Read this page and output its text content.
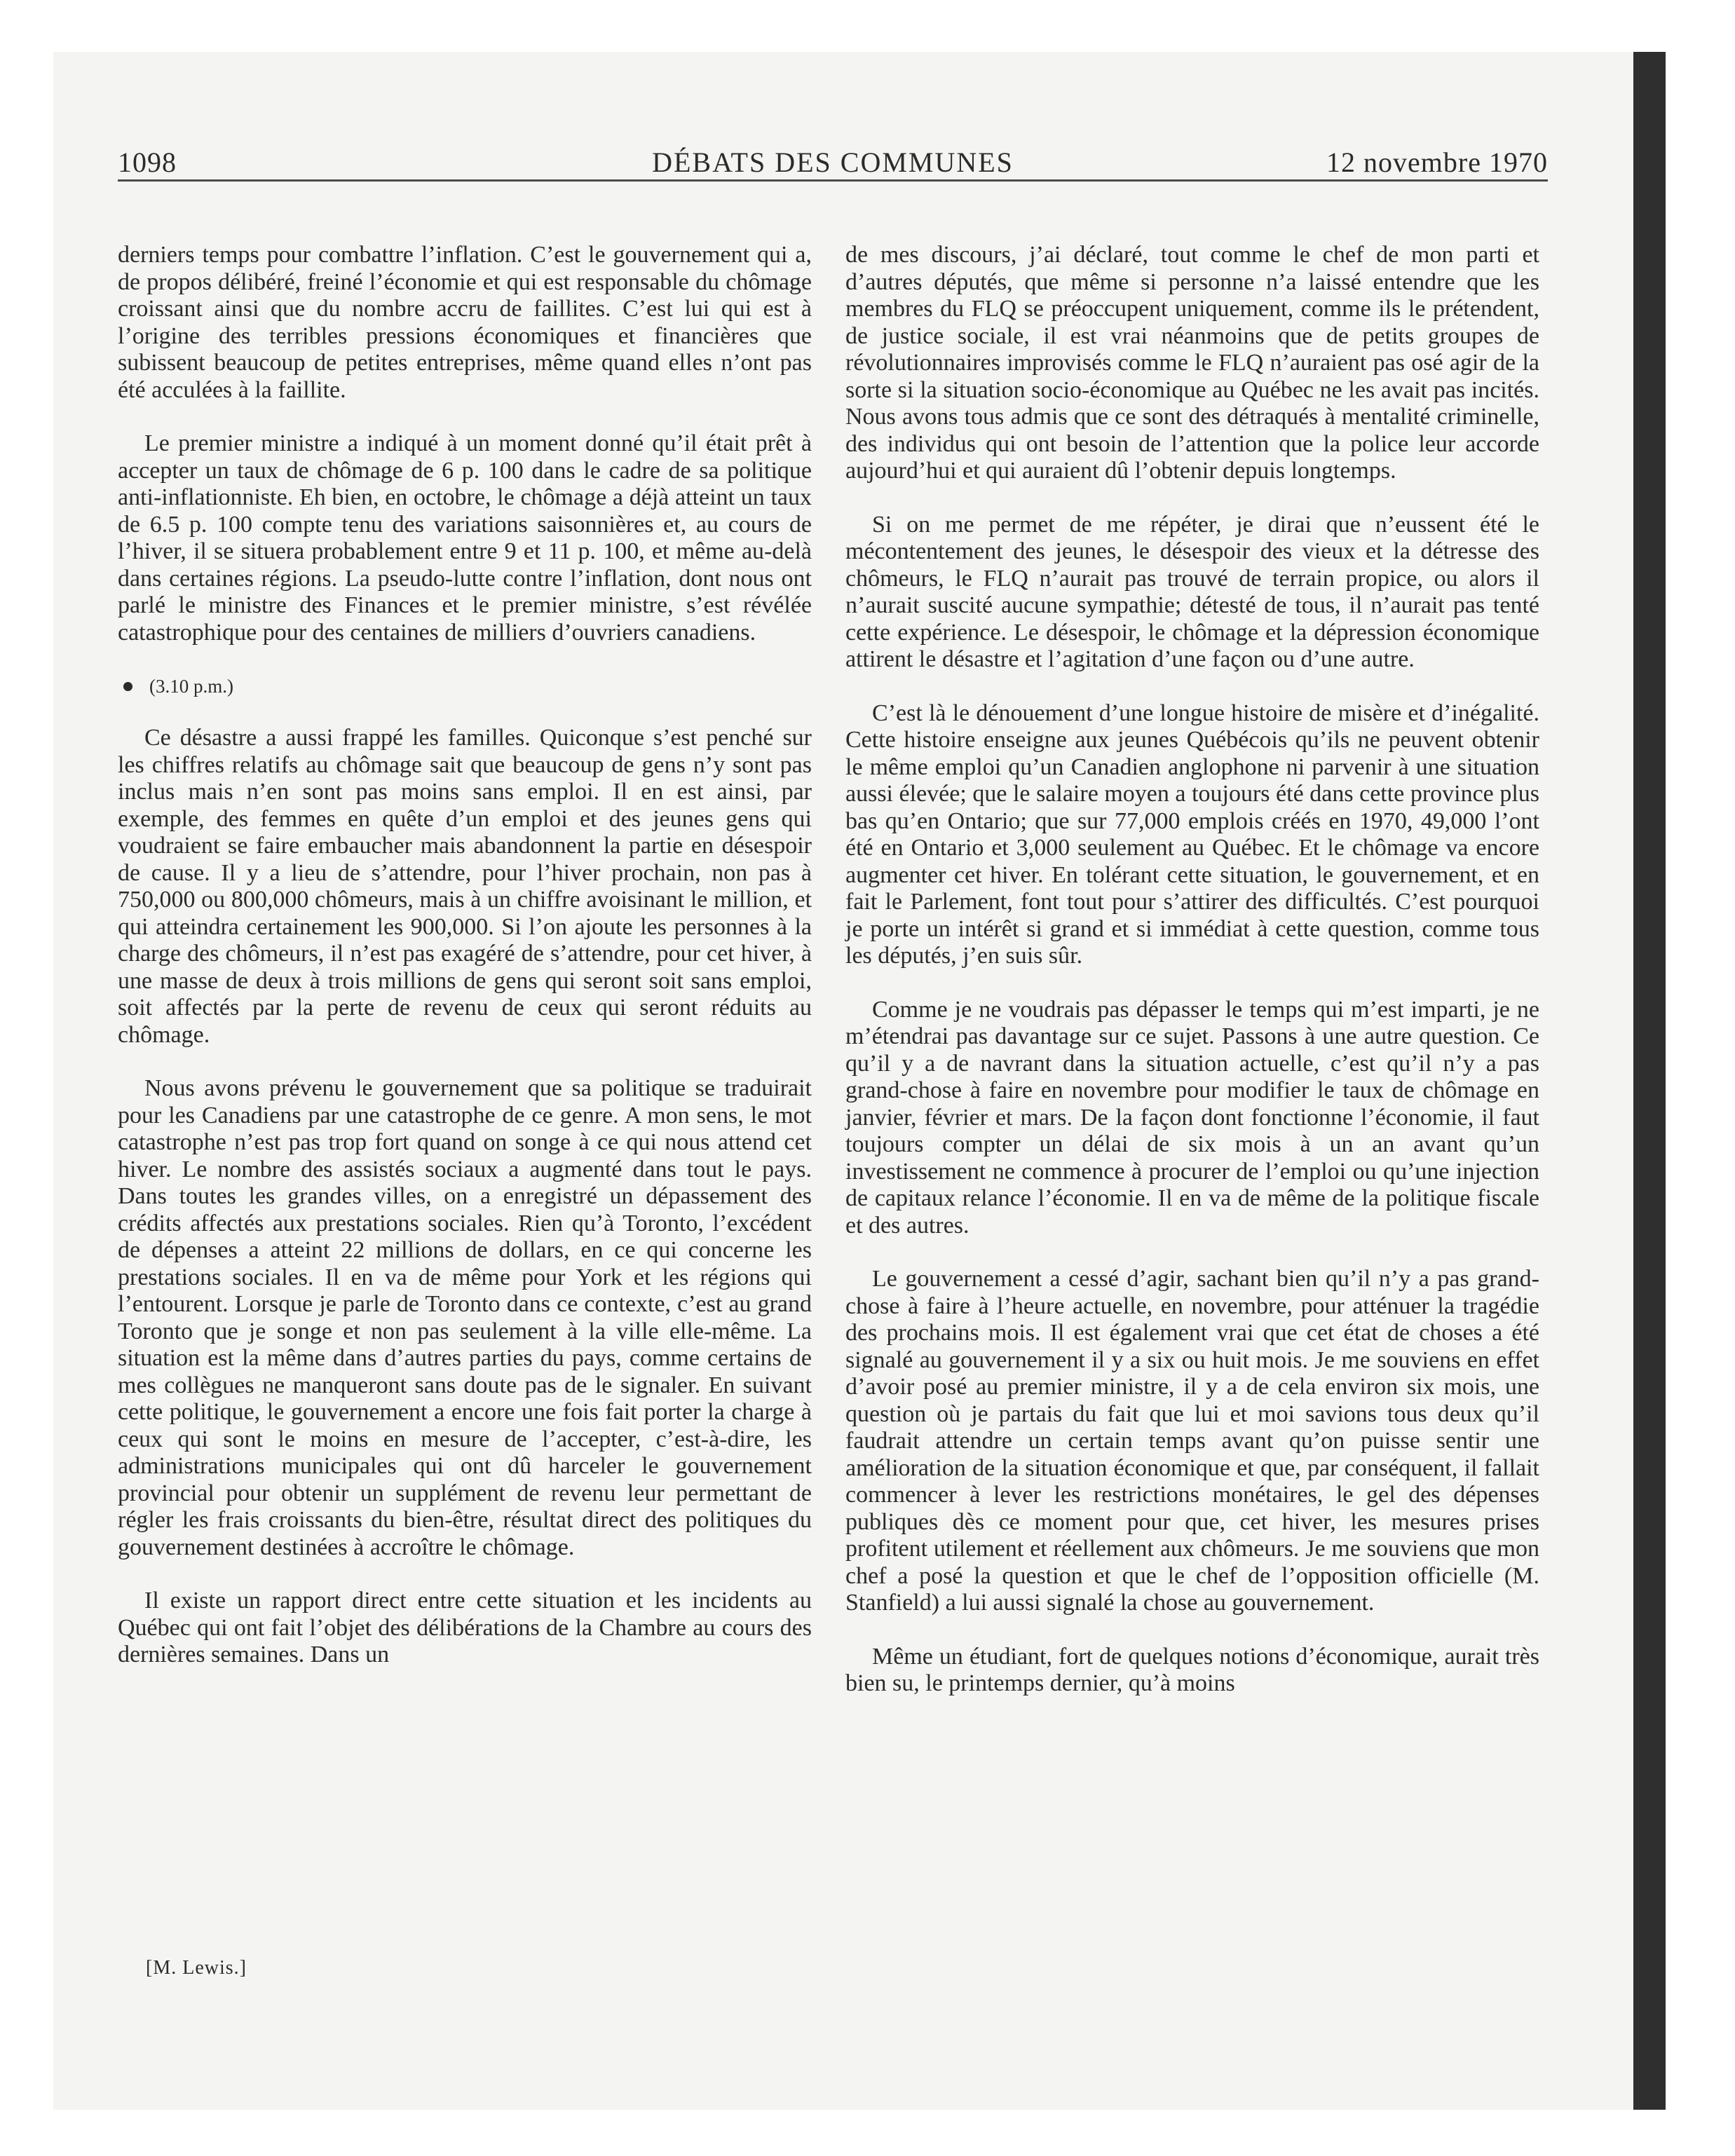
1098	DÉBATS DES COMMUNES	12 novembre 1970

derniers temps pour combattre l’inflation. C’est le gouvernement qui a, de propos délibéré, freiné l’économie et qui est responsable du chômage croissant ainsi que du nombre accru de faillites. C’est lui qui est à l’origine des terribles pressions économiques et financières que subissent beaucoup de petites entreprises, même quand elles n’ont pas été acculées à la faillite.

Le premier ministre a indiqué à un moment donné qu’il était prêt à accepter un taux de chômage de 6 p. 100 dans le cadre de sa politique anti-inflationniste. Eh bien, en octobre, le chômage a déjà atteint un taux de 6.5 p. 100 compte tenu des variations saisonnières et, au cours de l’hiver, il se situera probablement entre 9 et 11 p. 100, et même au-delà dans certaines régions. La pseudo-lutte contre l’inflation, dont nous ont parlé le ministre des Finances et le premier ministre, s’est révélée catastrophique pour des centaines de milliers d’ouvriers canadiens.

(3.10 p.m.)

Ce désastre a aussi frappé les familles. Quiconque s’est penché sur les chiffres relatifs au chômage sait que beaucoup de gens n’y sont pas inclus mais n’en sont pas moins sans emploi. Il en est ainsi, par exemple, des femmes en quête d’un emploi et des jeunes gens qui voudraient se faire embaucher mais abandonnent la partie en désespoir de cause. Il y a lieu de s’attendre, pour l’hiver prochain, non pas à 750,000 ou 800,000 chômeurs, mais à un chiffre avoisinant le million, et qui atteindra certainement les 900,000. Si l’on ajoute les personnes à la charge des chômeurs, il n’est pas exagéré de s’attendre, pour cet hiver, à une masse de deux à trois millions de gens qui seront soit sans emploi, soit affectés par la perte de revenu de ceux qui seront réduits au chômage.

Nous avons prévenu le gouvernement que sa politique se traduirait pour les Canadiens par une catastrophe de ce genre. A mon sens, le mot catastrophe n’est pas trop fort quand on songe à ce qui nous attend cet hiver. Le nombre des assistés sociaux a augmenté dans tout le pays. Dans toutes les grandes villes, on a enregistré un dépassement des crédits affectés aux prestations sociales. Rien qu’à Toronto, l’excédent de dépenses a atteint 22 millions de dollars, en ce qui concerne les prestations sociales. Il en va de même pour York et les régions qui l’entourent. Lorsque je parle de Toronto dans ce contexte, c’est au grand Toronto que je songe et non pas seulement à la ville elle-même. La situation est la même dans d’autres parties du pays, comme certains de mes collègues ne manqueront sans doute pas de le signaler. En suivant cette politique, le gouvernement a encore une fois fait porter la charge à ceux qui sont le moins en mesure de l’accepter, c’est-à-dire, les administrations municipales qui ont dû harceler le gouvernement provincial pour obtenir un supplément de revenu leur permettant de régler les frais croissants du bien-être, résultat direct des politiques du gouvernement destinées à accroître le chômage.

Il existe un rapport direct entre cette situation et les incidents au Québec qui ont fait l’objet des délibérations de la Chambre au cours des dernières semaines. Dans un

de mes discours, j’ai déclaré, tout comme le chef de mon parti et d’autres députés, que même si personne n’a laissé entendre que les membres du FLQ se préoccupent uniquement, comme ils le prétendent, de justice sociale, il est vrai néanmoins que de petits groupes de révolutionnaires improvisés comme le FLQ n’auraient pas osé agir de la sorte si la situation socio-économique au Québec ne les avait pas incités. Nous avons tous admis que ce sont des détraqués à mentalité criminelle, des individus qui ont besoin de l’attention que la police leur accorde aujourd’hui et qui auraient dû l’obtenir depuis longtemps.

Si on me permet de me répéter, je dirai que n’eussent été le mécontentement des jeunes, le désespoir des vieux et la détresse des chômeurs, le FLQ n’aurait pas trouvé de terrain propice, ou alors il n’aurait suscité aucune sympathie; détesté de tous, il n’aurait pas tenté cette expérience. Le désespoir, le chômage et la dépression économique attirent le désastre et l’agitation d’une façon ou d’une autre.

C’est là le dénouement d’une longue histoire de misère et d’inégalité. Cette histoire enseigne aux jeunes Québécois qu’ils ne peuvent obtenir le même emploi qu’un Canadien anglophone ni parvenir à une situation aussi élevée; que le salaire moyen a toujours été dans cette province plus bas qu’en Ontario; que sur 77,000 emplois créés en 1970, 49,000 l’ont été en Ontario et 3,000 seulement au Québec. Et le chômage va encore augmenter cet hiver. En tolérant cette situation, le gouvernement, et en fait le Parlement, font tout pour s’attirer des difficultés. C’est pourquoi je porte un intérêt si grand et si immédiat à cette question, comme tous les députés, j’en suis sûr.

Comme je ne voudrais pas dépasser le temps qui m’est imparti, je ne m’étendrai pas davantage sur ce sujet. Passons à une autre question. Ce qu’il y a de navrant dans la situation actuelle, c’est qu’il n’y a pas grand-chose à faire en novembre pour modifier le taux de chômage en janvier, février et mars. De la façon dont fonctionne l’économie, il faut toujours compter un délai de six mois à un an avant qu’un investissement ne commence à procurer de l’emploi ou qu’une injection de capitaux relance l’économie. Il en va de même de la politique fiscale et des autres.

Le gouvernement a cessé d’agir, sachant bien qu’il n’y a pas grand-chose à faire à l’heure actuelle, en novembre, pour atténuer la tragédie des prochains mois. Il est également vrai que cet état de choses a été signalé au gouvernement il y a six ou huit mois. Je me souviens en effet d’avoir posé au premier ministre, il y a de cela environ six mois, une question où je partais du fait que lui et moi savions tous deux qu’il faudrait attendre un certain temps avant qu’on puisse sentir une amélioration de la situation économique et que, par conséquent, il fallait commencer à lever les restrictions monétaires, le gel des dépenses publiques dès ce moment pour que, cet hiver, les mesures prises profitent utilement et réellement aux chômeurs. Je me souviens que mon chef a posé la question et que le chef de l’opposition officielle (M. Stanfield) a lui aussi signalé la chose au gouvernement.

Même un étudiant, fort de quelques notions d’économique, aurait très bien su, le printemps dernier, qu’à moins

[M. Lewis.]
